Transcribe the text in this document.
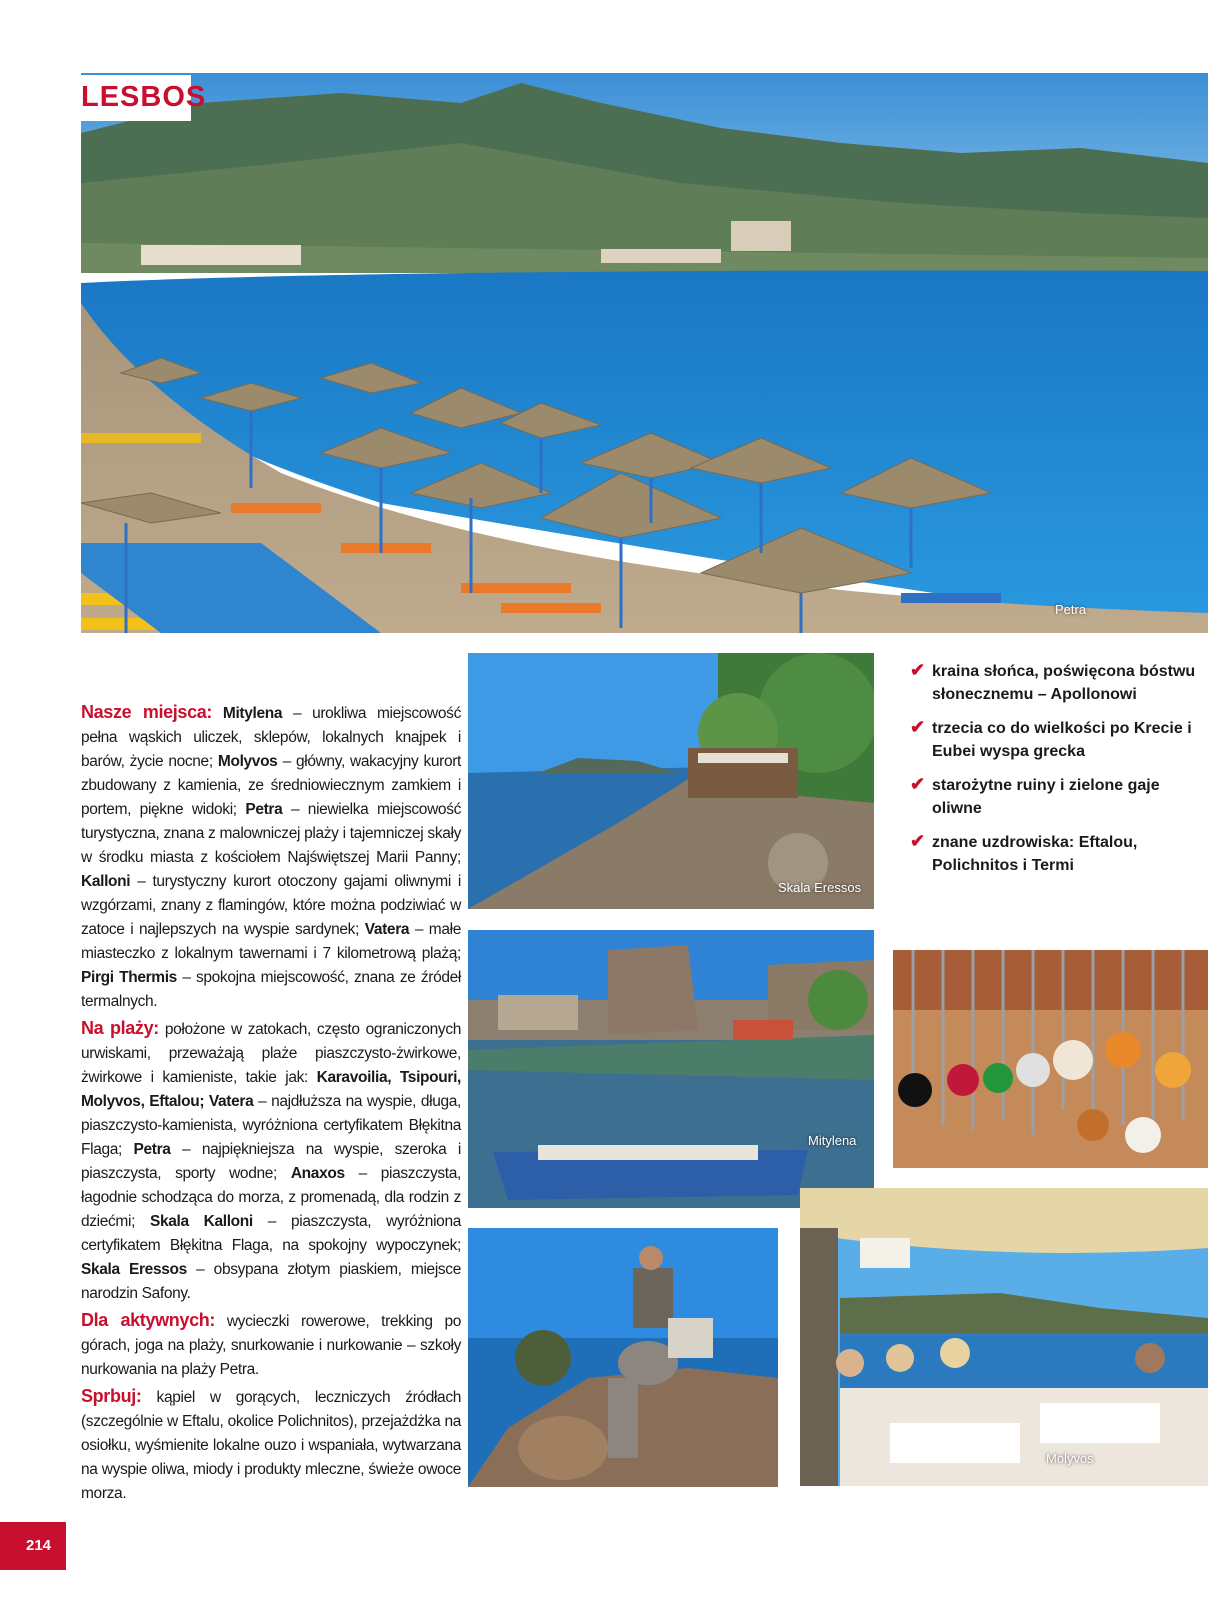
LESBOS
Petra

Nasze miejsca: Mitylena – urokliwa miejscowość pełna wąskich uliczek, sklepów, lokalnych knajpek i barów, życie nocne; Molyvos – główny, wakacyjny kurort zbudowany z kamienia, ze średniowiecznym zamkiem i portem, piękne widoki; Petra – niewielka miejscowość turystyczna, znana z malowniczej plaży i tajemniczej skały w środku miasta z kościołem Najświętszej Marii Panny; Kalloni – turystyczny kurort otoczony gajami oliwnymi i wzgórzami, znany z flamingów, które można podziwiać w zatoce i najlepszych na wyspie sardynek; Vatera – małe miasteczko z lokalnym tawernami i 7 kilometrową plażą; Pirgi Thermis – spokojna miejscowość, znana ze źródeł termalnych.

Na plaży: położone w zatokach, często ograniczonych urwiskami, przeważają plaże piaszczysto-żwirkowe, żwirkowe i kamieniste, takie jak: Karavoilia, Tsipouri, Molyvos, Eftalou; Vatera – najdłuższa na wyspie, długa, piaszczysto-kamienista, wyróżniona certyfikatem Błękitna Flaga; Petra – najpiękniejsza na wyspie, szeroka i piaszczysta, sporty wodne; Anaxos – piaszczysta, łagodnie schodząca do morza, z promenadą, dla rodzin z dziećmi; Skala Kalloni – piaszczysta, wyróżniona certyfikatem Błękitna Flaga, na spokojny wypoczynek; Skala Eressos – obsypana złotym piaskiem, miejsce narodzin Safony.

Dla aktywnych: wycieczki rowerowe, trekking po górach, joga na plaży, snurkowanie i nurkowanie – szkoły nurkowania na plaży Petra.

Sprbuj: kąpiel w gorących, leczniczych źródłach (szczególnie w Eftalu, okolice Polichnitos), przejażdżka na osiołku, wyśmienite lokalne ouzo i wspaniała, wytwarzana na wyspie oliwa, miody i produkty mleczne, świeże owoce morza.

Skala Eressos
Mitylena
Molyvos
✔ kraina słońca, poświęcona bóstwu słonecznemu – Apollonowi
✔ trzecia co do wielkości po Krecie i Eubei wyspa grecka
✔ starożytne ruiny i zielone gaje oliwne
✔ znane uzdrowiska: Eftalou, Polichnitos i Termi
214
